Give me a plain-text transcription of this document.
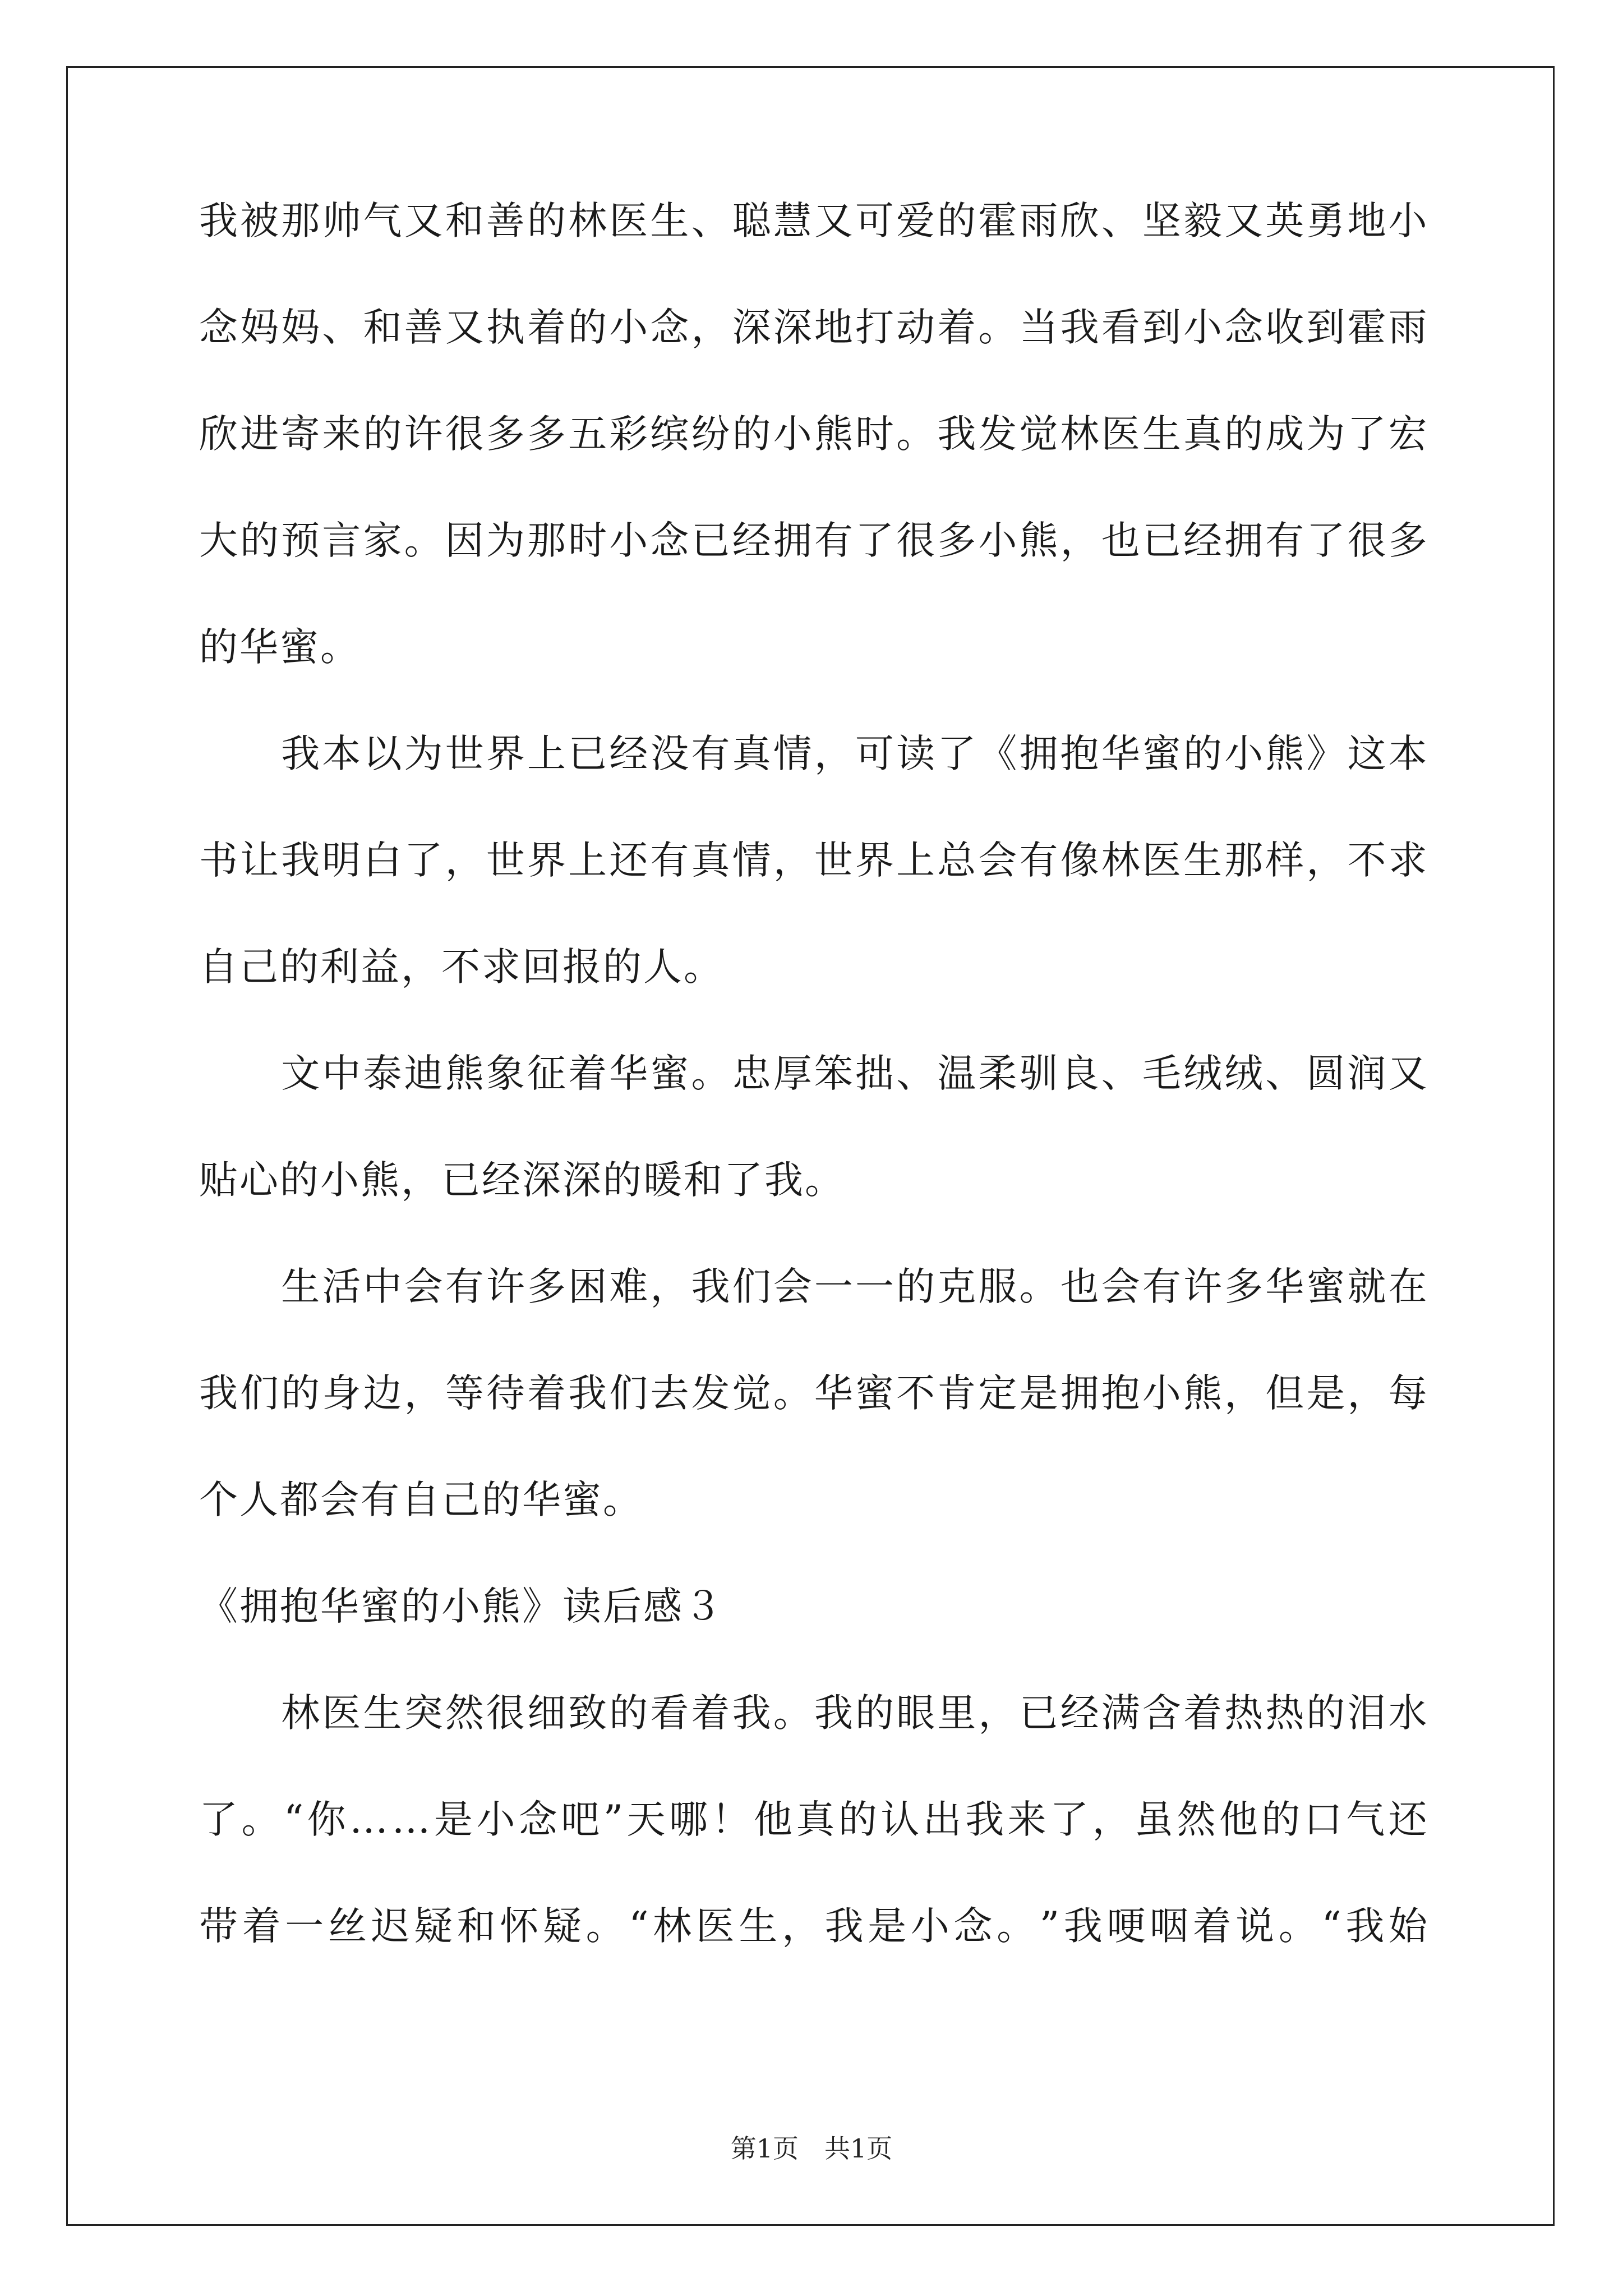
我 被 那 帅 气 又 和 善 的 林 医 生 、 聪 慧 又 可 爱 的 霍 雨 欣 、 坚 毅 又 英 勇 地 小
念 妈 妈 、 和 善 又 执 着 的 小 念 ， 深 深 地 打 动 着 。 当 我 看 到 小 念 收 到 霍 雨
欣 进 寄 来 的 许 很 多 多 五 彩 缤 纷 的 小 熊 时 。 我 发 觉 林 医 生 真 的 成 为 了 宏
大 的 预 言 家 。 因 为 那 时 小 念 已 经 拥 有 了 很 多 小 熊 ， 也 已 经 拥 有 了 很 多
的华蜜。

我 本 以 为 世 界 上 已 经 没 有 真 情 ， 可 读 了 《 拥 抱 华 蜜 的 小 熊 》 这 本
书 让 我 明 白 了 ， 世 界 上 还 有 真 情 ， 世 界 上 总 会 有 像 林 医 生 那 样 ， 不 求
自己的利益，不求回报的人。

文 中 泰 迪 熊 象 征 着 华 蜜 。 忠 厚 笨 拙 、 温 柔 驯 良 、 毛 绒 绒 、 圆 润 又
贴心的小熊，已经深深的暖和了我。

生 活 中 会 有 许 多 困 难 ， 我 们 会 一 一 的 克 服 。 也 会 有 许 多 华 蜜 就 在
我 们 的 身 边 ， 等 待 着 我 们 去 发 觉 。 华 蜜 不 肯 定 是 拥 抱 小 熊 ， 但 是 ， 每
个人都会有自己的华蜜。
《拥抱华蜜的小熊》读后感３

林 医 生 突 然 很 细 致 的 看 着 我 。 我 的 眼 里 ， 已 经 满 含 着 热 热 的 泪 水
了 。 “ 你 … … 是 小 念 吧 ” 天 哪 ！ 他 真 的 认 出 我 来 了 ， 虽 然 他 的 口 气 还
带 着 一 丝 迟 疑 和 怀 疑 。 “ 林 医 生 ， 我 是 小 念 。 ” 我 哽 咽 着 说 。 “ 我 始
第1页　共1页
